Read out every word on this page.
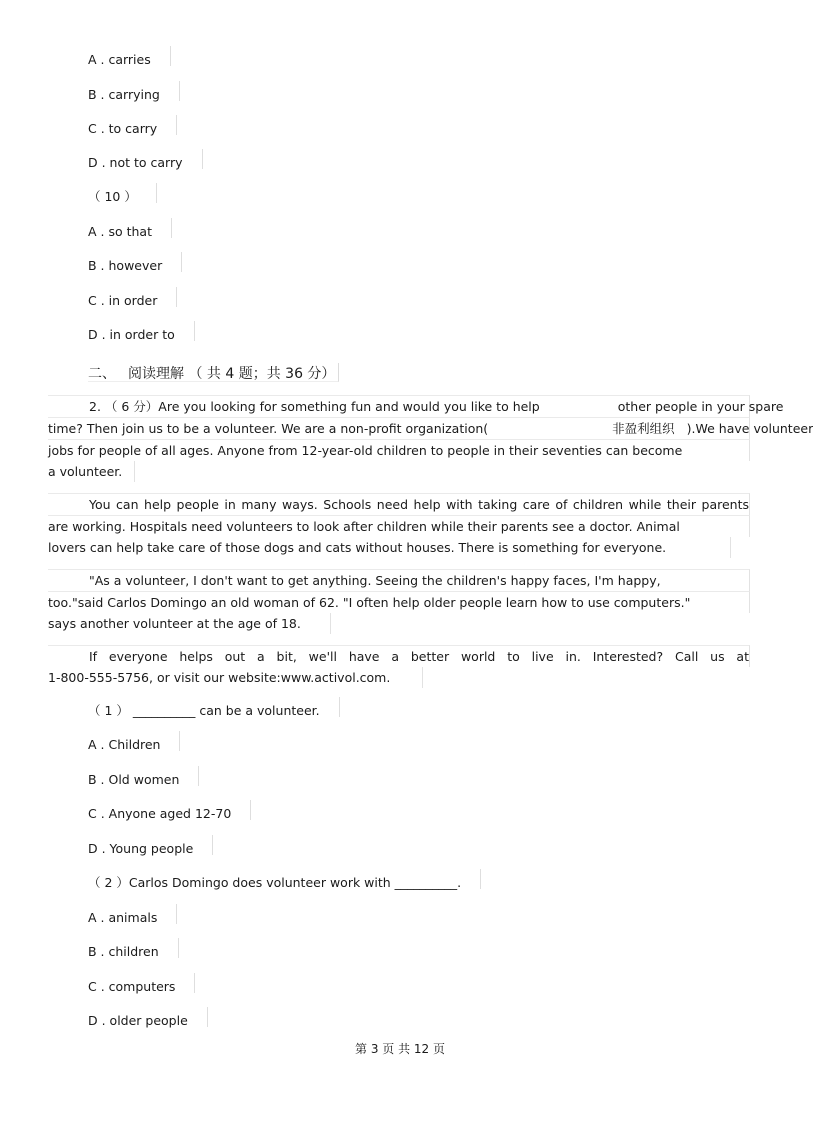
A . carries
B . carrying
C . to carry
D . not to carry
（ 10 ）
A . so that
B . however
C . in order
D . in order to
二、 阅读理解 （ 共 4 题；共 36 分）
2. （ 6 分）Are you looking for something fun and would you like to help	other people in your spare
time? Then join us to be a volunteer. We are a non-profit organization(	非盈利组织 ).We have volunteer
jobs for people of all ages. Anyone from 12-year-old children to people in their seventies can become
a volunteer.
You can help people in many ways. Schools need help with taking care of children while their parents
are working. Hospitals need volunteers to look after children while their parents see a doctor. Animal
lovers can help take care of those dogs and cats without houses. There is something for everyone.
"As a volunteer, I don't want to get anything. Seeing the children's happy faces, I'm happy,
too."said Carlos Domingo an old woman of 62. "I often help older people learn how to use computers."
says another volunteer at the age of 18.
If everyone helps out a bit, we'll have a better world to live in. Interested? Call us at
1-800-555-5756, or visit our website:www.activol.com.
（ 1 ） __________ can be a volunteer.
A . Children
B . Old women
C . Anyone aged 12-70
D . Young people
（ 2 ）Carlos Domingo does volunteer work with __________.
A . animals
B . children
C . computers
D . older people
第 3 页 共 12 页
